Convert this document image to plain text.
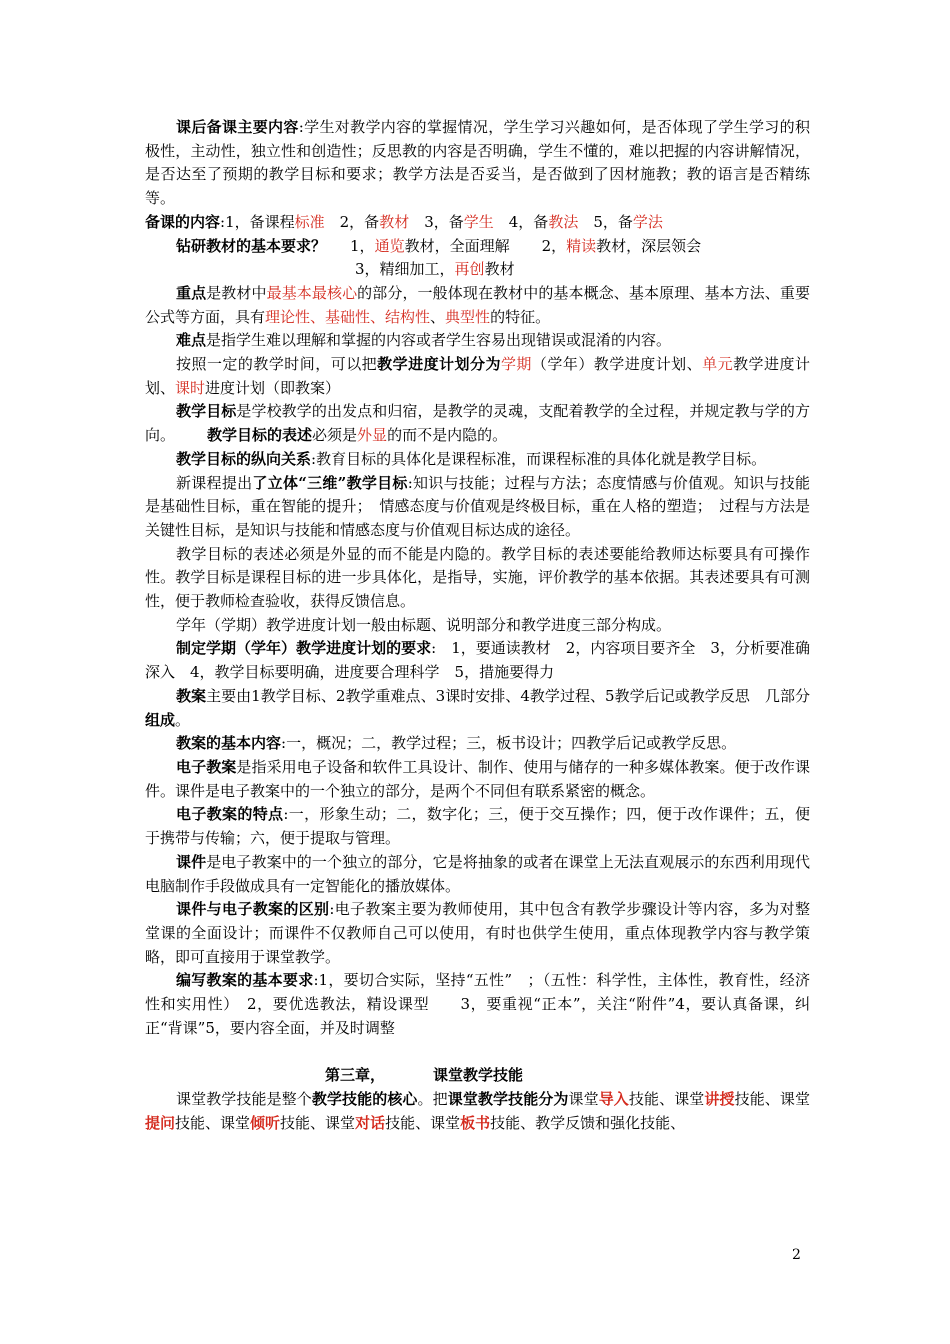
课后备课主要内容:学生对教学内容的掌握情况，学生学习兴趣如何，是否体现了学生学习的积极性，主动性，独立性和创造性；反思教的内容是否明确，学生不懂的，难以把握的内容讲解情况，是否达至了预期的教学目标和要求；教学方法是否妥当，是否做到了因材施教；教的语言是否精练等。

备课的内容:1，备课程标准　2，备教材　3，备学生　4，备教法　5，备学法

钻研教材的基本要求？ 1，通览教材，全面理解 2，精读教材，深层领会

3，精细加工，再创教材

重点是教材中最基本最核心的部分，一般体现在教材中的基本概念、基本原理、基本方法、重要公式等方面，具有理论性、基础性、结构性、典型性的特征。

难点是指学生难以理解和掌握的内容或者学生容易出现错误或混淆的内容。

按照一定的教学时间，可以把教学进度计划分为学期（学年）教学进度计划、单元教学进度计划、课时进度计划（即教案）

教学目标是学校教学的出发点和归宿，是教学的灵魂，支配着教学的全过程，并规定教与学的方向。 教学目标的表述必须是外显的而不是内隐的。

教学目标的纵向关系:教育目标的具体化是课程标准，而课程标准的具体化就是教学目标。

新课程提出了立体“三维”教学目标:知识与技能；过程与方法；态度情感与价值观。知识与技能是基础性目标，重在智能的提升；　情感态度与价值观是终极目标，重在人格的塑造；　过程与方法是关键性目标，是知识与技能和情感态度与价值观目标达成的途径。

教学目标的表述必须是外显的而不能是内隐的。教学目标的表述要能给教师达标要具有可操作性。教学目标是课程目标的进一步具体化，是指导，实施，评价教学的基本依据。其表述要具有可测性，便于教师检查验收，获得反馈信息。

学年（学期）教学进度计划一般由标题、说明部分和教学进度三部分构成。

制定学期（学年）教学进度计划的要求:　1，要通读教材　2，内容项目要齐全　3，分析要准确深入　4，教学目标要明确，进度要合理科学　5，措施要得力

教案主要由1教学目标、2教学重难点、3课时安排、4教学过程、5教学后记或教学反思　几部分组成。

教案的基本内容:一，概况；二，教学过程；三，板书设计；四教学后记或教学反思。

电子教案是指采用电子设备和软件工具设计、制作、使用与储存的一种多媒体教案。便于改作课件。课件是电子教案中的一个独立的部分，是两个不同但有联系紧密的概念。

电子教案的特点:一，形象生动；二，数字化；三，便于交互操作；四，便于改作课件；五，便于携带与传输；六，便于提取与管理。

课件是电子教案中的一个独立的部分，它是将抽象的或者在课堂上无法直观展示的东西利用现代电脑制作手段做成具有一定智能化的播放媒体。

课件与电子教案的区别:电子教案主要为教师使用，其中包含有教学步骤设计等内容，多为对整堂课的全面设计；而课件不仅教师自己可以使用，有时也供学生使用，重点体现教学内容与教学策略，即可直接用于课堂教学。

编写教案的基本要求:1，要切合实际，坚持“五性”　；（五性：科学性，主体性，教育性，经济性和实用性）　2，要优选教法，精设课型　　3，要重视“正本”，关注“附件”4，要认真备课，纠正“背课”5，要内容全面，并及时调整

第三章，	课堂教学技能

课堂教学技能是整个教学技能的核心。把课堂教学技能分为课堂导入技能、课堂讲授技能、课堂提问技能、课堂倾听技能、课堂对话技能、课堂板书技能、教学反馈和强化技能、

2
